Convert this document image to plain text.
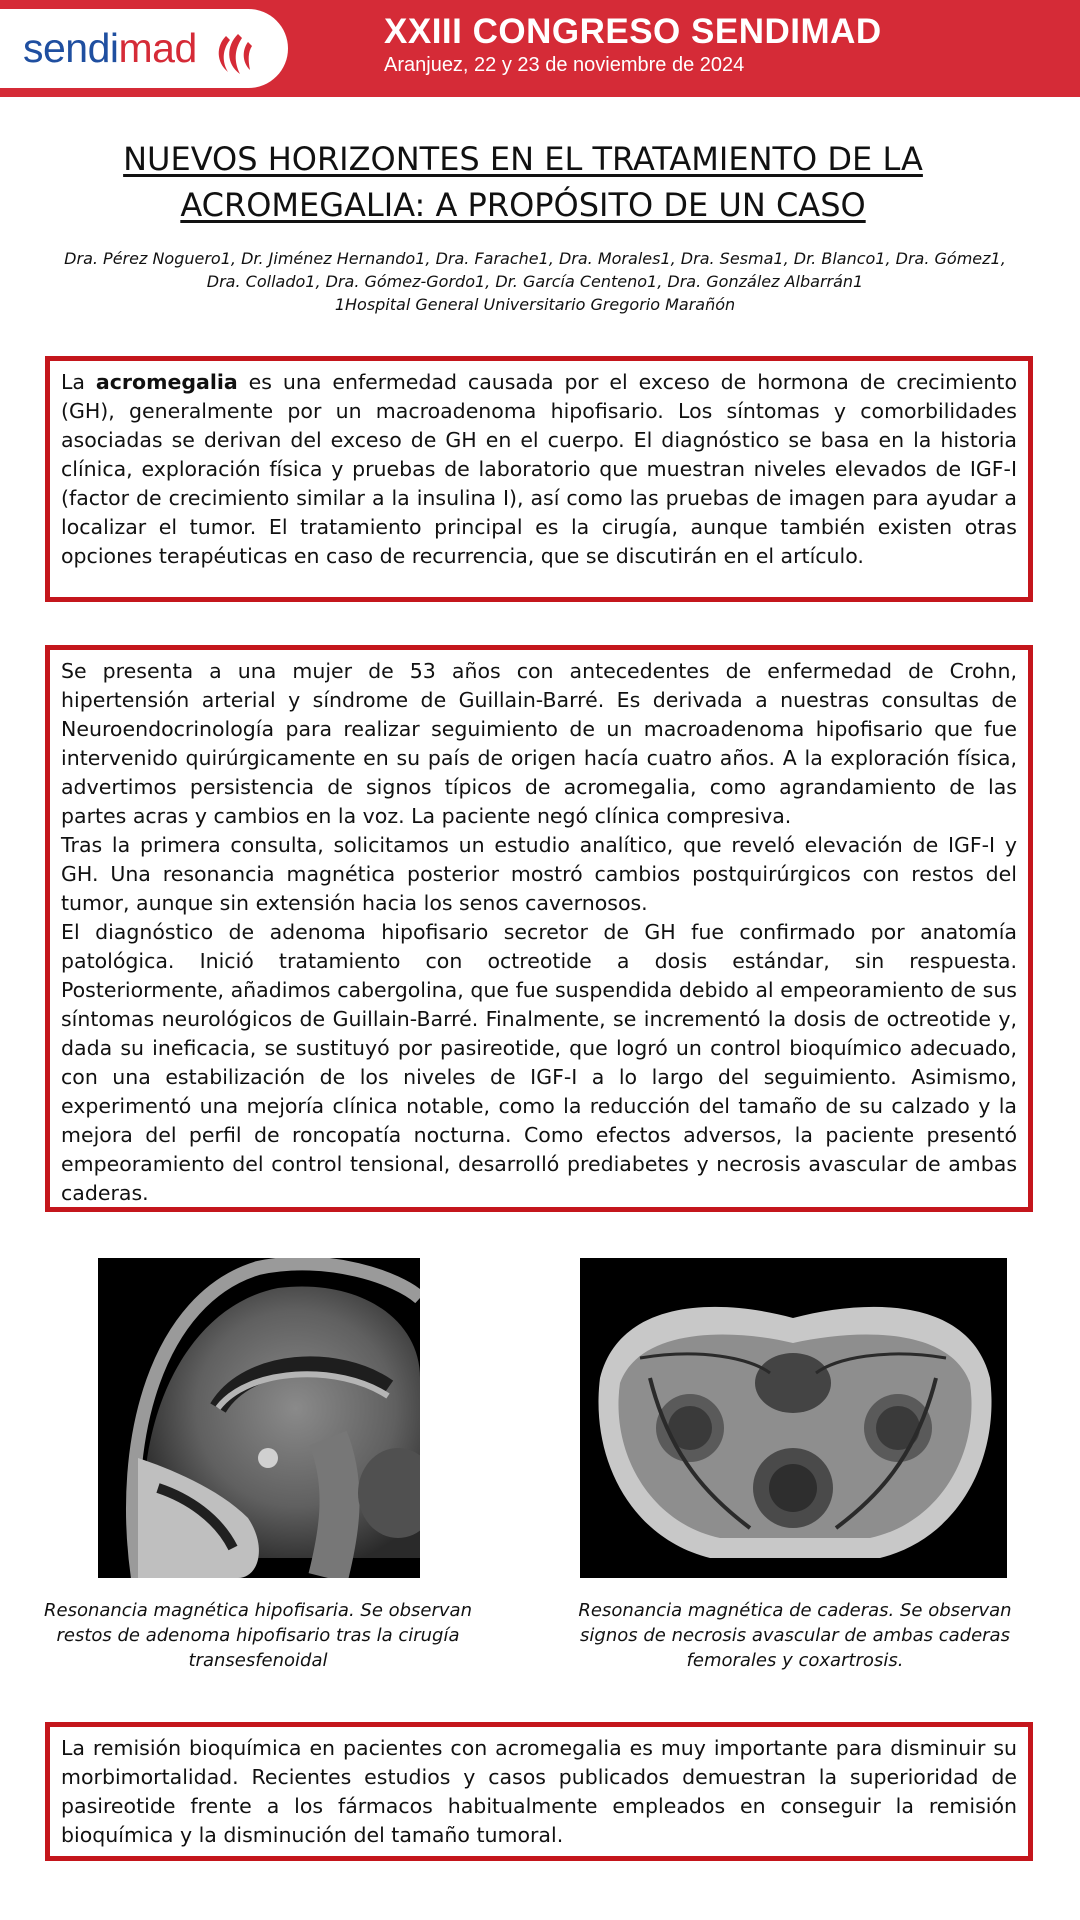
sendimad	XXIII CONGRESO SENDIMAD
Aranjuez, 22 y 23 de noviembre de 2024
NUEVOS HORIZONTES EN EL TRATAMIENTO DE LA
ACROMEGALIA: A PROPÓSITO DE UN CASO
Dra. Pérez Noguero1, Dr. Jiménez Hernando1, Dra. Farache1, Dra. Morales1, Dra. Sesma1, Dr. Blanco1, Dra. Gómez1, Dra. Collado1, Dra. Gómez-Gordo1, Dr. García Centeno1, Dra. González Albarrán1
1Hospital General Universitario Gregorio Marañón

La acromegalia es una enfermedad causada por el exceso de hormona de crecimiento (GH), generalmente por un macroadenoma hipofisario. Los síntomas y comorbilidades asociadas se derivan del exceso de GH en el cuerpo. El diagnóstico se basa en la historia clínica, exploración física y pruebas de laboratorio que muestran niveles elevados de IGF-I (factor de crecimiento similar a la insulina I), así como las pruebas de imagen para ayudar a localizar el tumor. El tratamiento principal es la cirugía, aunque también existen otras opciones terapéuticas en caso de recurrencia, que se discutirán en el artículo.

Se presenta a una mujer de 53 años con antecedentes de enfermedad de Crohn, hipertensión arterial y síndrome de Guillain-Barré. Es derivada a nuestras consultas de Neuroendocrinología para realizar seguimiento de un macroadenoma hipofisario que fue intervenido quirúrgicamente en su país de origen hacía cuatro años. A la exploración física, advertimos persistencia de signos típicos de acromegalia, como agrandamiento de las partes acras y cambios en la voz. La paciente negó clínica compresiva.

Tras la primera consulta, solicitamos un estudio analítico, que reveló elevación de IGF-I y GH. Una resonancia magnética posterior mostró cambios postquirúrgicos con restos del tumor, aunque sin extensión hacia los senos cavernosos.

El diagnóstico de adenoma hipofisario secretor de GH fue confirmado por anatomía patológica. Inició tratamiento con octreotide a dosis estándar, sin respuesta. Posteriormente, añadimos cabergolina, que fue suspendida debido al empeoramiento de sus síntomas neurológicos de Guillain-Barré. Finalmente, se incrementó la dosis de octreotide y, dada su ineficacia, se sustituyó por pasireotide, que logró un control bioquímico adecuado, con una estabilización de los niveles de IGF-I a lo largo del seguimiento. Asimismo, experimentó una mejoría clínica notable, como la reducción del tamaño de su calzado y la mejora del perfil de roncopatía nocturna. Como efectos adversos, la paciente presentó empeoramiento del control tensional, desarrolló prediabetes y necrosis avascular de ambas caderas.

Resonancia magnética hipofisaria. Se observan restos de adenoma hipofisario tras la cirugía transesfenoidal
Resonancia magnética de caderas. Se observan signos de necrosis avascular de ambas caderas femorales y coxartrosis.

La remisión bioquímica en pacientes con acromegalia es muy importante para disminuir su morbimortalidad. Recientes estudios y casos publicados demuestran la superioridad de pasireotide frente a los fármacos habitualmente empleados en conseguir la remisión bioquímica y la disminución del tamaño tumoral.
